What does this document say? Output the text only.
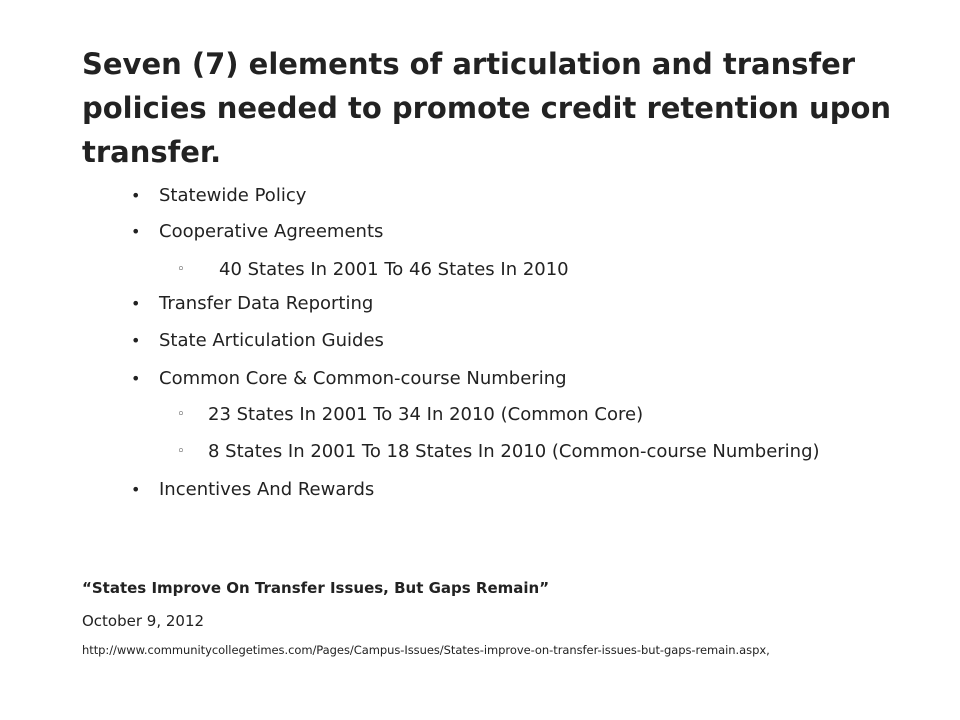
Seven (7) elements of articulation and transfer policies needed to promote credit retention upon transfer.
• Statewide Policy
• Cooperative Agreements
◦ 40 States In 2001 To 46 States In 2010
• Transfer Data Reporting
• State Articulation Guides
• Common Core & Common-course Numbering
◦ 23 States In 2001 To 34 In 2010 (Common Core)
◦ 8 States In 2001 To 18 States In 2010 (Common-course Numbering)
• Incentives And Rewards
“States Improve On Transfer Issues, But Gaps Remain”
October 9, 2012
http://www.communitycollegetimes.com/Pages/Campus-Issues/States-improve-on-transfer-issues-but-gaps-remain.aspx,
